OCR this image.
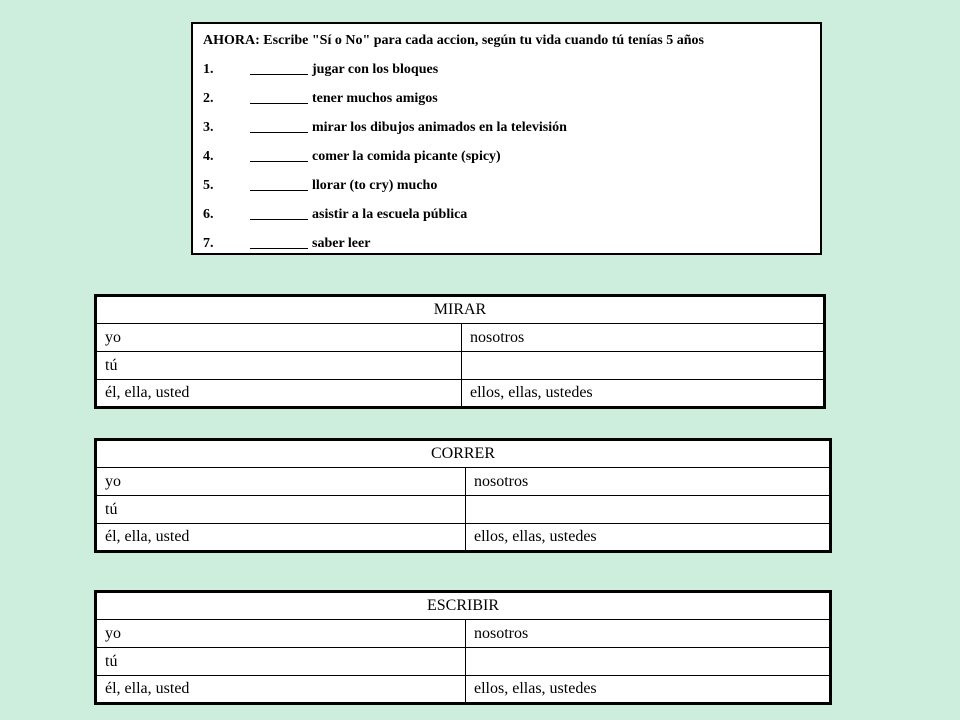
AHORA: Escribe "Sí o No" para cada accion, según tu vida cuando tú tenías 5 años
1.	jugar con los bloques
2.	tener muchos amigos
3.	mirar los dibujos animados en la televisión
4.	comer la comida picante (spicy)
5.	llorar (to cry) mucho
6.	asistir a la escuela pública
7.	saber leer
MIRAR	
yo	nosotros
tú	
él, ella, usted	ellos, ellas, ustedes
CORRER	
yo	nosotros
tú	
él, ella, usted	ellos, ellas, ustedes
ESCRIBIR	
yo	nosotros
tú	
él, ella, usted	ellos, ellas, ustedes
